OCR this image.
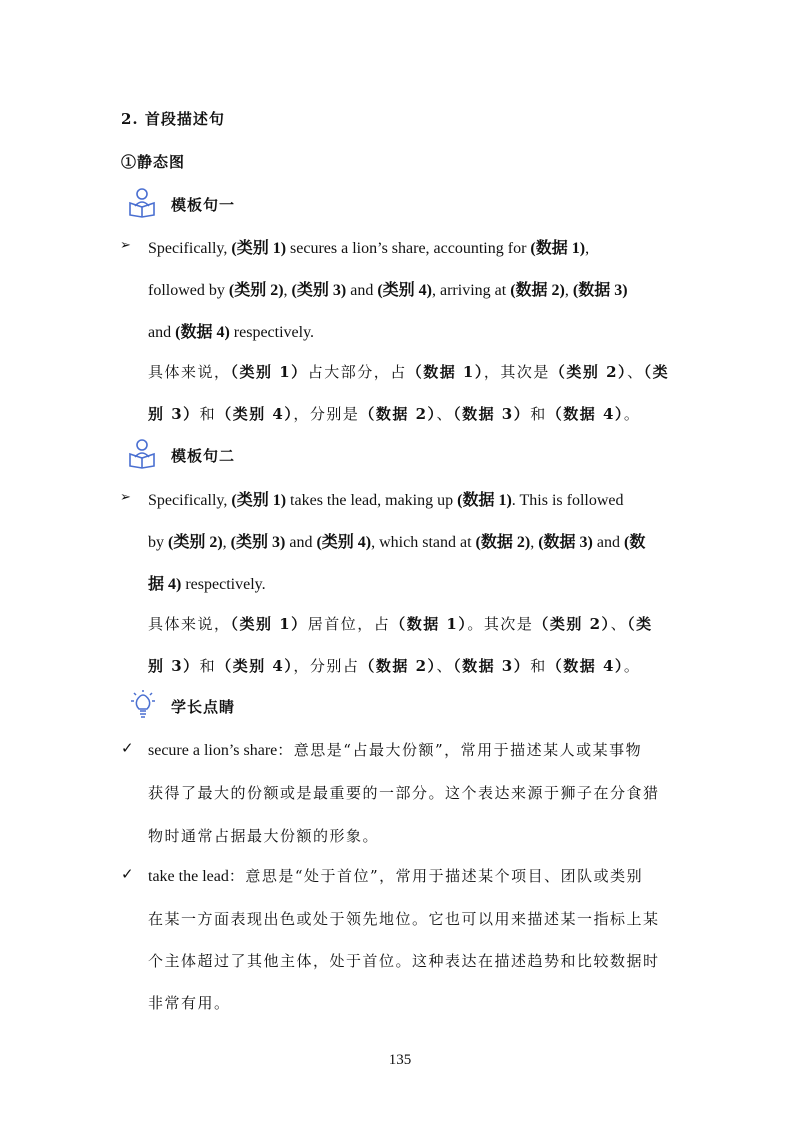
2. 首段描述句
①静态图
模板句一
➢ Specifically, (类别 1) secures a lion’s share, accounting for (数据 1),
followed by (类别 2), (类别 3) and (类别 4), arriving at (数据 2), (数据 3)
and (数据 4) respectively.
具体来说，（类别 1）占大部分，占（数据 1），其次是（类别 2）、（类
别 3）和（类别 4），分别是（数据 2）、（数据 3）和（数据 4）。
模板句二
➢ Specifically, (类别 1) takes the lead, making up (数据 1). This is followed
by (类别 2), (类别 3) and (类别 4), which stand at (数据 2), (数据 3) and (数
据 4) respectively.
具体来说，（类别 1）居首位，占（数据 1）。其次是（类别 2）、（类
别 3）和（类别 4），分别占（数据 2）、（数据 3）和（数据 4）。
学长点睛
✓ secure a lion’s share：意思是“占最大份额”，常用于描述某人或某事物
获得了最大的份额或是最重要的一部分。这个表达来源于狮子在分食猎
物时通常占据最大份额的形象。
✓ take the lead：意思是“处于首位”，常用于描述某个项目、团队或类别
在某一方面表现出色或处于领先地位。它也可以用来描述某一指标上某
个主体超过了其他主体，处于首位。这种表达在描述趋势和比较数据时
非常有用。
135
